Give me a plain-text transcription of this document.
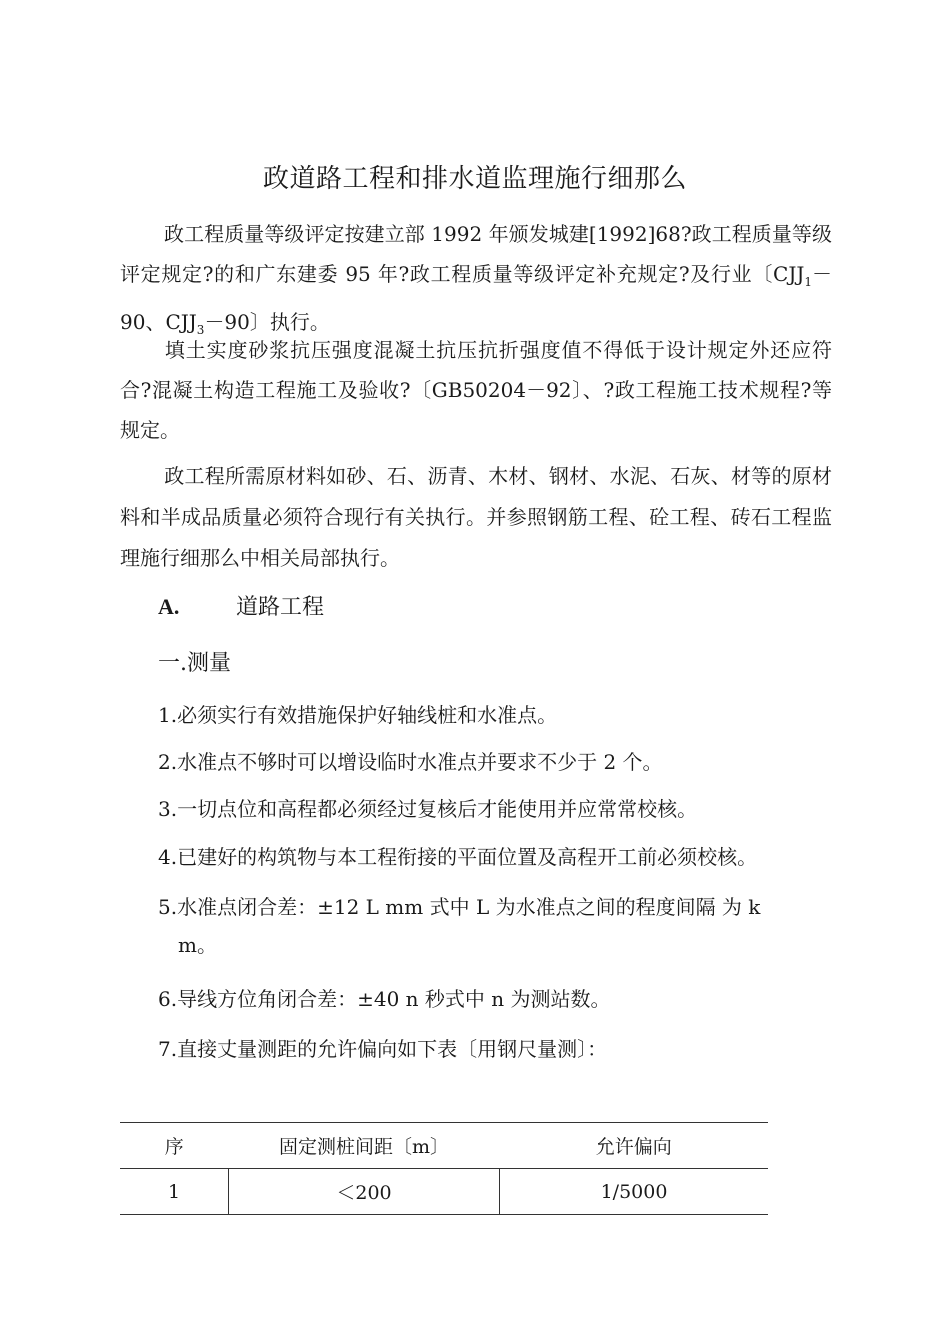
政道路工程和排水道监理施行细那么
政工程质量等级评定按建立部 1992 年颁发城建[1992]68?政工程质量等级评定规定?的和广东建委 95 年?政工程质量等级评定补充规定?及行业〔$CJJ_1-90$、$CJJ_3-90$〕执行。
填土实度砂浆抗压强度混凝土抗压抗折强度值不得低于设计规定外还应符合?混凝土构造工程施工及验收?〔GB50204－92〕、?政工程施工技术规程?等规定。
政工程所需原材料如砂、石、沥青、木材、钢材、水泥、石灰、材等的原材料和半成品质量必须符合现行有关执行。并参照钢筋工程、砼工程、砖石工程监理施行细那么中相关局部执行。
A.	道路工程
一.测量
1.必须实行有效措施保护好轴线桩和水准点。
2.水准点不够时可以增设临时水准点并要求不少于 2 个。
3.一切点位和高程都必须经过复核后才能使用并应常常校核。
4.已建好的构筑物与本工程衔接的平面位置及高程开工前必须校核。
5.水准点闭合差：±12 L mm 式中 L 为水准点之间的程度间隔 为 k
m。
6.导线方位角闭合差：±40 n 秒式中 n 为测站数。
7.直接丈量测距的允许偏向如下表〔用钢尺量测〕：
序	固定测桩间距〔m〕	允许偏向
1	＜200	1/5000
